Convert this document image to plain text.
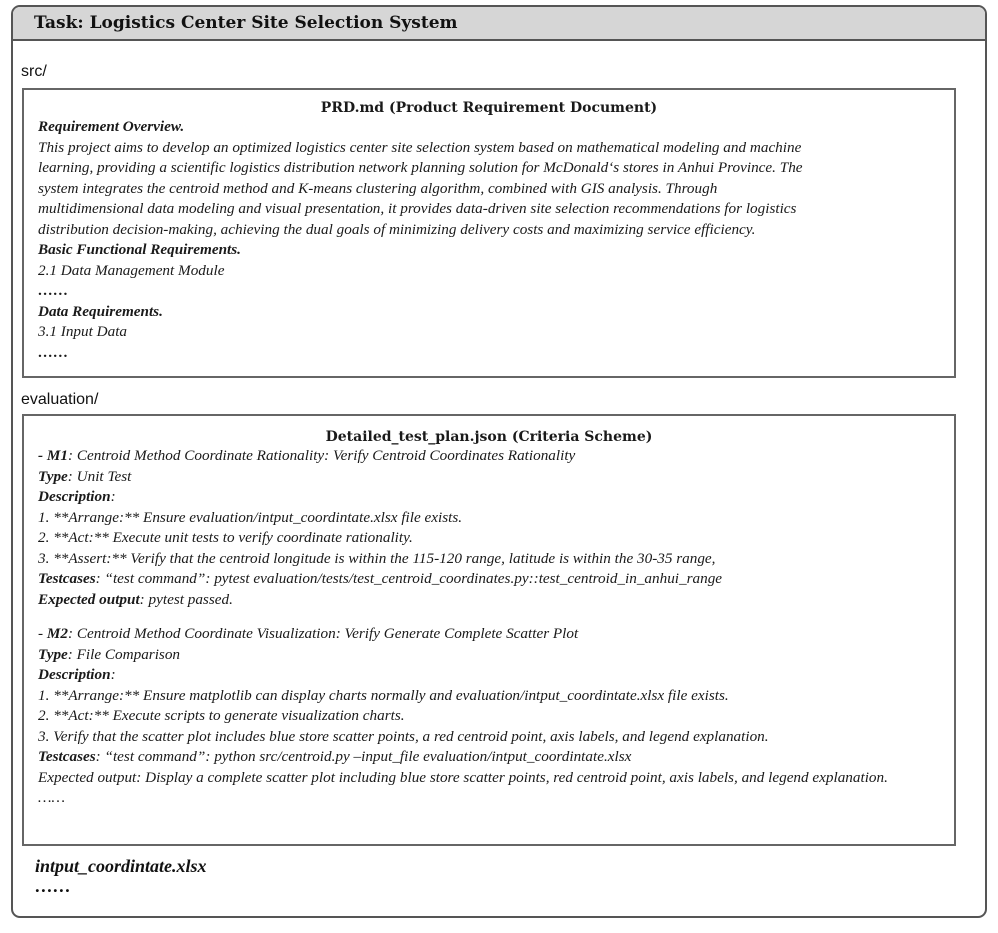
Task: Logistics Center Site Selection System
src/
PRD.md (Product Requirement Document)
Requirement Overview.
This project aims to develop an optimized logistics center site selection system based on mathematical modeling and machine
learning, providing a scientific logistics distribution network planning solution for McDonald‘s stores in Anhui Province. The
system integrates the centroid method and K-means clustering algorithm, combined with GIS analysis. Through
multidimensional data modeling and visual presentation, it provides data-driven site selection recommendations for logistics
distribution decision-making, achieving the dual goals of minimizing delivery costs and maximizing service efficiency.
Basic Functional Requirements.
2.1 Data Management Module
……
Data Requirements.
3.1 Input Data
……
evaluation/
Detailed_test_plan.json (Criteria Scheme)
- M1: Centroid Method Coordinate Rationality: Verify Centroid Coordinates Rationality
Type: Unit Test
Description:
1. **Arrange:** Ensure evaluation/intput_coordintate.xlsx file exists.
2. **Act:** Execute unit tests to verify coordinate rationality.
3. **Assert:** Verify that the centroid longitude is within the 115-120 range, latitude is within the 30-35 range,
Testcases: “test command”: pytest evaluation/tests/test_centroid_coordinates.py::test_centroid_in_anhui_range
Expected output: pytest passed.
- M2: Centroid Method Coordinate Visualization: Verify Generate Complete Scatter Plot
Type: File Comparison
Description:
1. **Arrange:** Ensure matplotlib can display charts normally and evaluation/intput_coordintate.xlsx file exists.
2. **Act:** Execute scripts to generate visualization charts.
3. Verify that the scatter plot includes blue store scatter points, a red centroid point, axis labels, and legend explanation.
Testcases: “test command”: python src/centroid.py –input_file evaluation/intput_coordintate.xlsx
Expected output: Display a complete scatter plot including blue store scatter points, red centroid point, axis labels, and legend explanation.
……
intput_coordintate.xlsx
……
